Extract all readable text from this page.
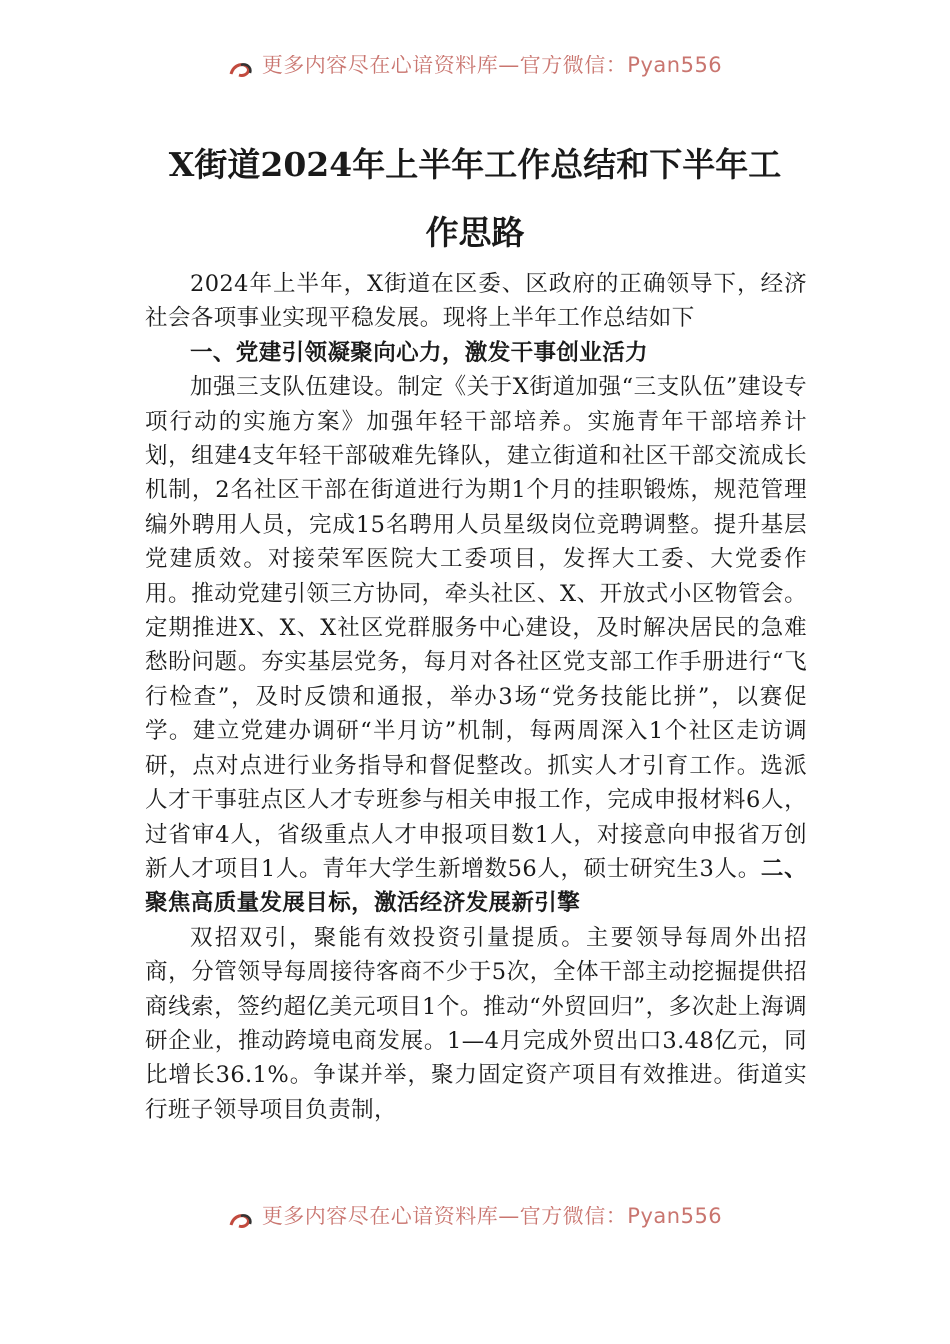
更多内容尽在心谙资料库—官方微信：Pyan556
X街道2024年上半年工作总结和下半年工
作思路

2024年上半年，X街道在区委、区政府的正确领导下，经济社会各项事业实现平稳发展。现将上半年工作总结如下

一、党建引领凝聚向心力，激发干事创业活力

加强三支队伍建设。制定《关于X街道加强“三支队伍”建设专项行动的实施方案》加强年轻干部培养。实施青年干部培养计划，组建4支年轻干部破难先锋队，建立街道和社区干部交流成长机制，2名社区干部在街道进行为期1个月的挂职锻炼，规范管理编外聘用人员，完成15名聘用人员星级岗位竞聘调整。提升基层党建质效。对接荣军医院大工委项目，发挥大工委、大党委作用。推动党建引领三方协同，牵头社区、X、开放式小区物管会。定期推进X、X、X社区党群服务中心建设，及时解决居民的急难愁盼问题。夯实基层党务，每月对各社区党支部工作手册进行“飞行检查”，及时反馈和通报，举办3场“党务技能比拼”，以赛促学。建立党建办调研“半月访”机制，每两周深入1个社区走访调研，点对点进行业务指导和督促整改。抓实人才引育工作。选派人才干事驻点区人才专班参与相关申报工作，完成申报材料6人，过省审4人，省级重点人才申报项目数1人，对接意向申报省万创新人才项目1人。青年大学生新增数56人，硕士研究生3人。二、聚焦高质量发展目标，激活经济发展新引擎

双招双引，聚能有效投资引量提质。主要领导每周外出招商，分管领导每周接待客商不少于5次，全体干部主动挖掘提供招商线索，签约超亿美元项目1个。推动“外贸回归”，多次赴上海调研企业，推动跨境电商发展。1—4月完成外贸出口3.48亿元，同比增长36.1%。争谋并举，聚力固定资产项目有效推进。街道实行班子领导项目负责制，

更多内容尽在心谙资料库—官方微信：Pyan556
